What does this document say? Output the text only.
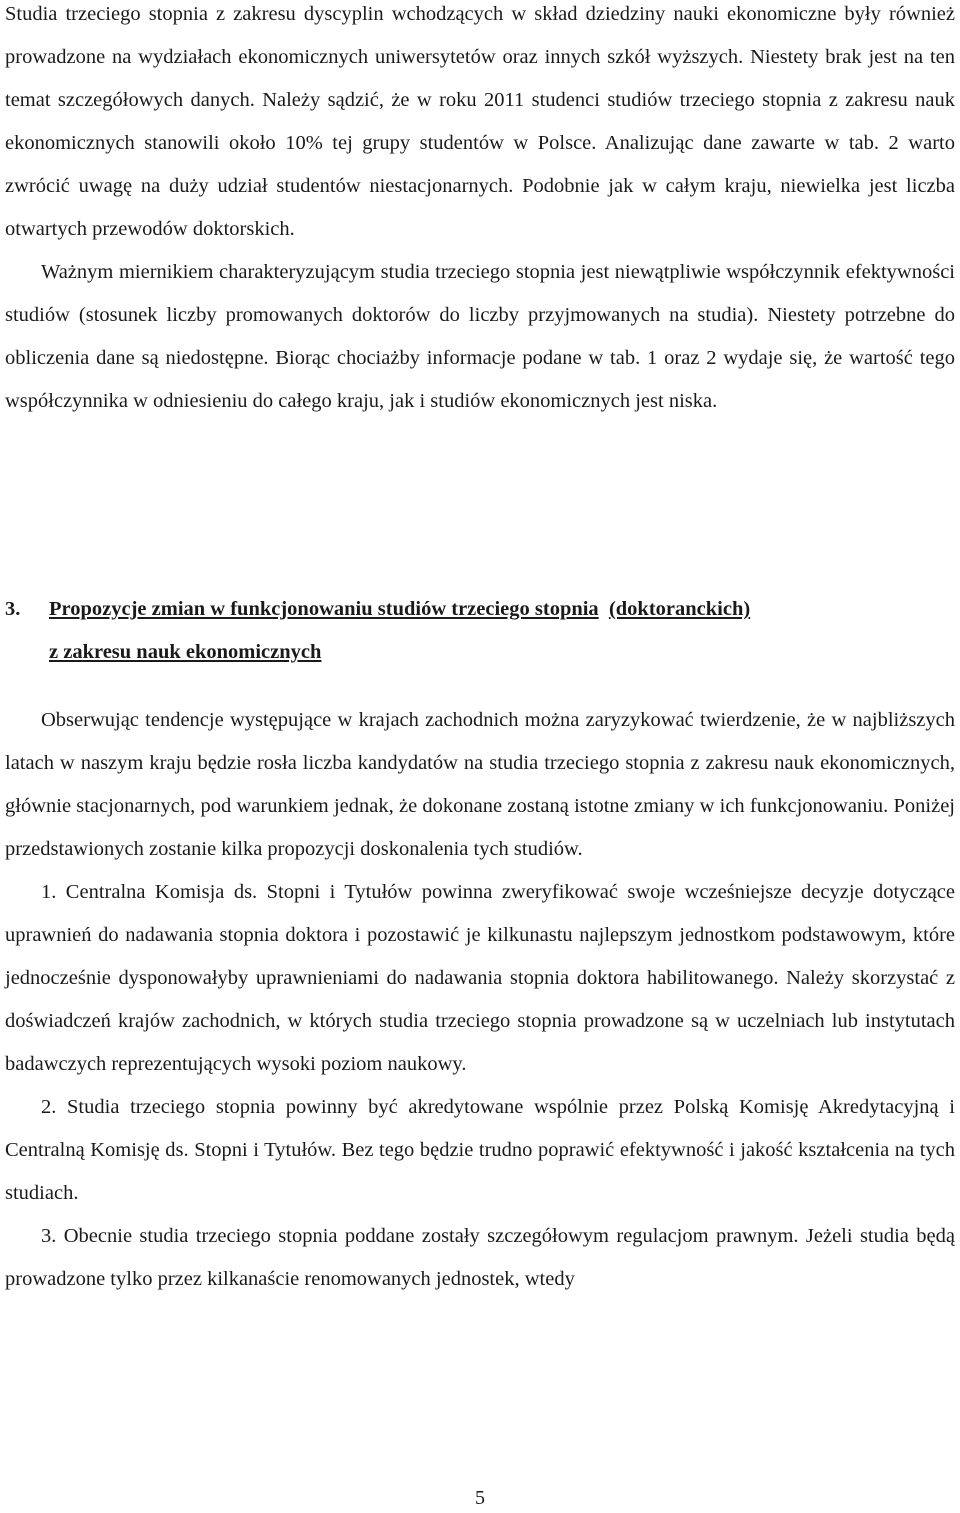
Studia trzeciego stopnia z zakresu dyscyplin wchodzących w skład dziedziny nauki ekonomiczne były również prowadzone na wydziałach ekonomicznych uniwersytetów oraz innych szkół wyższych. Niestety brak jest na ten temat szczegółowych danych. Należy sądzić, że w roku 2011 studenci studiów trzeciego stopnia z zakresu nauk ekonomicznych stanowili około 10% tej grupy studentów w Polsce. Analizując dane zawarte w tab. 2 warto zwrócić uwagę na duży udział studentów niestacjonarnych. Podobnie jak w całym kraju, niewielka jest liczba otwartych przewodów doktorskich.

Ważnym miernikiem charakteryzującym studia trzeciego stopnia jest niewątpliwie współczynnik efektywności studiów (stosunek liczby promowanych doktorów do liczby przyjmowanych na studia). Niestety potrzebne do obliczenia dane są niedostępne. Biorąc chociażby informacje podane w tab. 1 oraz 2 wydaje się, że wartość tego współczynnika w odniesieniu do całego kraju, jak i studiów ekonomicznych jest niska.

3. Propozycje zmian w funkcjonowaniu studiów trzeciego stopnia (doktoranckich)
z zakresu nauk ekonomicznych

Obserwując tendencje występujące w krajach zachodnich można zaryzykować twierdzenie, że w najbliższych latach w naszym kraju będzie rosła liczba kandydatów na studia trzeciego stopnia z zakresu nauk ekonomicznych, głównie stacjonarnych, pod warunkiem jednak, że dokonane zostaną istotne zmiany w ich funkcjonowaniu. Poniżej przedstawionych zostanie kilka propozycji doskonalenia tych studiów.

1. Centralna Komisja ds. Stopni i Tytułów powinna zweryfikować swoje wcześniejsze decyzje dotyczące uprawnień do nadawania stopnia doktora i pozostawić je kilkunastu najlepszym jednostkom podstawowym, które jednocześnie dysponowałyby uprawnieniami do nadawania stopnia doktora habilitowanego. Należy skorzystać z doświadczeń krajów zachodnich, w których studia trzeciego stopnia prowadzone są w uczelniach lub instytutach badawczych reprezentujących wysoki poziom naukowy.

2. Studia trzeciego stopnia powinny być akredytowane wspólnie przez Polską Komisję Akredytacyjną i Centralną Komisję ds. Stopni i Tytułów. Bez tego będzie trudno poprawić efektywność i jakość kształcenia na tych studiach.

3. Obecnie studia trzeciego stopnia poddane zostały szczegółowym regulacjom prawnym. Jeżeli studia będą prowadzone tylko przez kilkanaście renomowanych jednostek, wtedy

5
